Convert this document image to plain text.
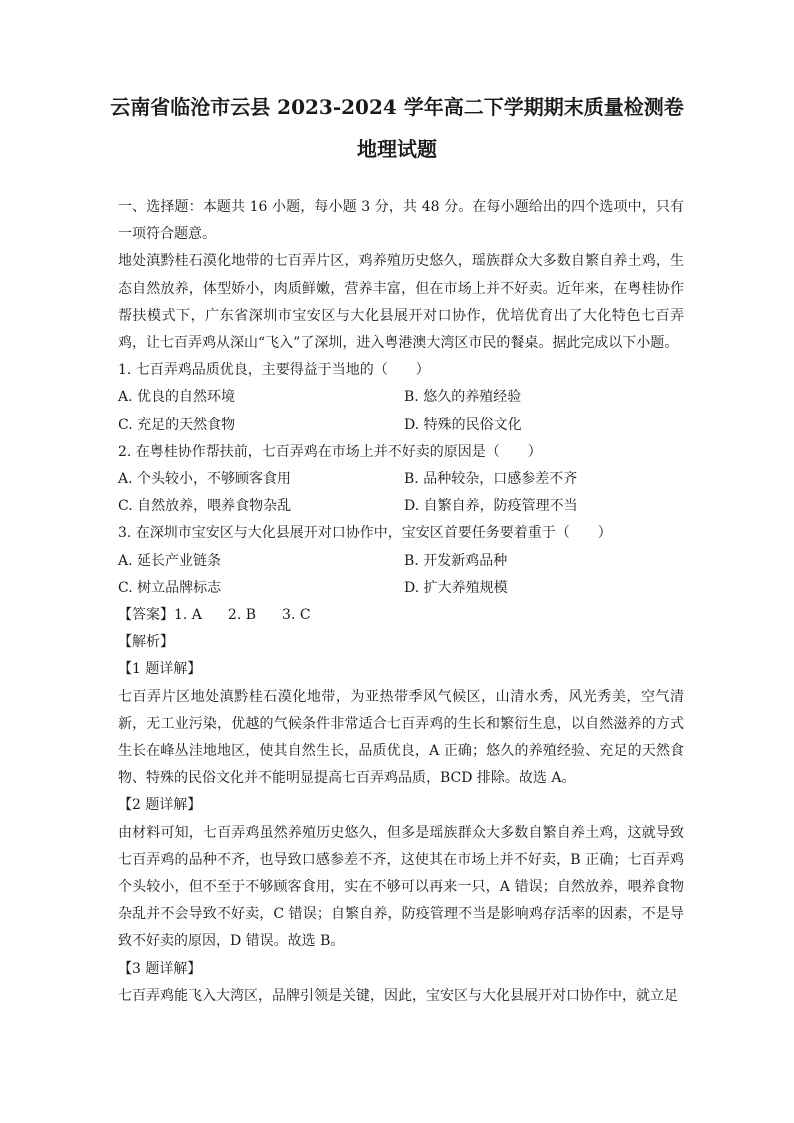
云南省临沧市云县 2023-2024 学年高二下学期期末质量检测卷
地理试题

一、选择题：本题共 16 小题，每小题 3 分，共 48 分。在每小题给出的四个选项中，只有一项符合题意。

地处滇黔桂石漠化地带的七百弄片区，鸡养殖历史悠久，瑶族群众大多数自繁自养土鸡，生态自然放养，体型娇小，肉质鲜嫩，营养丰富，但在市场上并不好卖。近年来，在粤桂协作帮扶模式下，广东省深圳市宝安区与大化县展开对口协作，优培优育出了大化特色七百弄鸡，让七百弄鸡从深山“飞入”了深圳，进入粤港澳大湾区市民的餐桌。据此完成以下小题。

1. 七百弄鸡品质优良，主要得益于当地的（　　）

A. 优良的自然环境	B. 悠久的养殖经验
C. 充足的天然食物	D. 特殊的民俗文化

2. 在粤桂协作帮扶前，七百弄鸡在市场上并不好卖的原因是（　　）

A. 个头较小，不够顾客食用	B. 品种较杂，口感参差不齐
C. 自然放养，喂养食物杂乱	D. 自繁自养，防疫管理不当

3. 在深圳市宝安区与大化县展开对口协作中，宝安区首要任务要着重于（　　）

A. 延长产业链条	B. 开发新鸡品种
C. 树立品牌标志	D. 扩大养殖规模

【答案】1. A 2. B 3. C

【解析】

【1 题详解】

七百弄片区地处滇黔桂石漠化地带，为亚热带季风气候区，山清水秀，风光秀美，空气清新，无工业污染，优越的气候条件非常适合七百弄鸡的生长和繁衍生息，以自然滋养的方式生长在峰丛洼地地区，使其自然生长，品质优良，A 正确；悠久的养殖经验、充足的天然食物、特殊的民俗文化并不能明显提高七百弄鸡品质，BCD 排除。故选 A。

【2 题详解】

由材料可知，七百弄鸡虽然养殖历史悠久，但多是瑶族群众大多数自繁自养土鸡，这就导致七百弄鸡的品种不齐，也导致口感参差不齐，这使其在市场上并不好卖，B 正确；七百弄鸡个头较小，但不至于不够顾客食用，实在不够可以再来一只，A 错误；自然放养，喂养食物杂乱并不会导致不好卖，C 错误；自繁自养，防疫管理不当是影响鸡存活率的因素，不是导致不好卖的原因，D 错误。故选 B。

【3 题详解】

七百弄鸡能飞入大湾区，品牌引领是关键，因此，宝安区与大化县展开对口协作中，就立足
